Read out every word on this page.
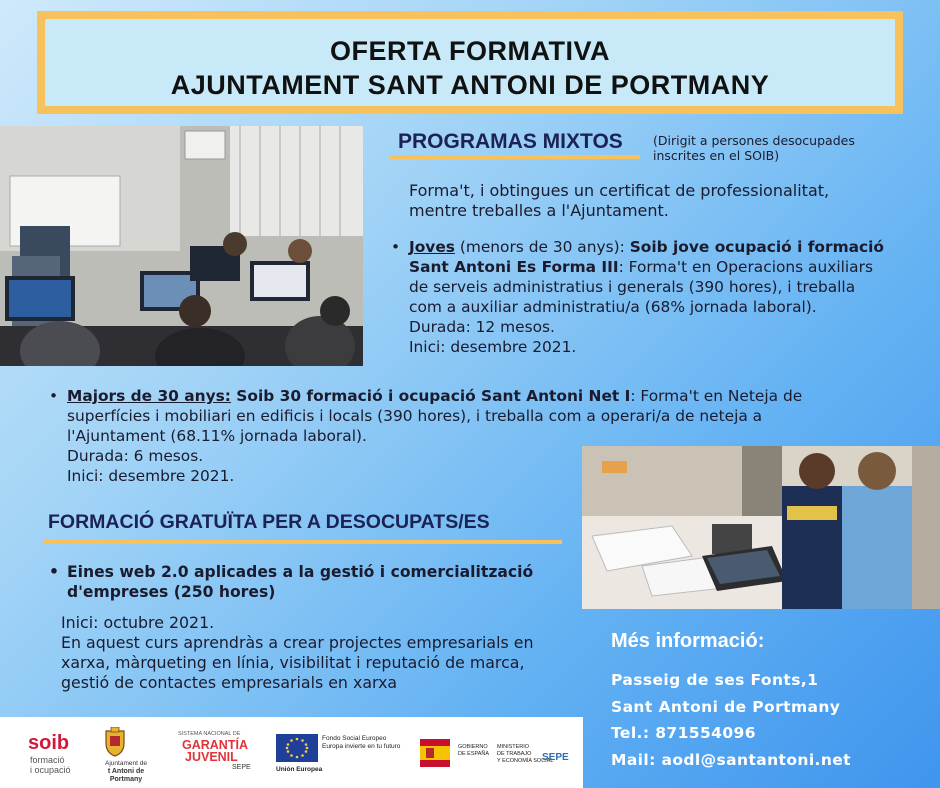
OFERTA FORMATIVA
AJUNTAMENT SANT ANTONI DE PORTMANY
PROGRAMAS MIXTOS (Dirigit a persones desocupades
inscrites en el SOIB)
Forma't, i obtingues un certificat de professionalitat,
mentre treballes a l'Ajuntament.
• Joves (menors de 30 anys): Soib jove ocupació i formació
Sant Antoni Es Forma III: Forma't en Operacions auxiliars
de serveis administratius i generals (390 hores), i treballa
com a auxiliar administratiu/a (68% jornada laboral).
Durada: 12 mesos.
Inici: desembre 2021.
• Majors de 30 anys: Soib 30 formació i ocupació Sant Antoni Net I: Forma't en Neteja de
superfícies i mobiliari en edificis i locals (390 hores), i treballa com a operari/a de neteja a
l'Ajuntament (68.11% jornada laboral).
Durada: 6 mesos.
Inici: desembre 2021.
FORMACIÓ GRATUÏTA PER A DESOCUPATS/ES
• Eines web 2.0 aplicades a la gestió i comercialització
d'empreses (250 hores)
Inici: octubre 2021.
En aquest curs aprendràs a crear projectes empresarials en
xarxa, màrqueting en línia, visibilitat i reputació de marca,
gestió de contactes empresarials en xarxa
Més informació:
Passeig de ses Fonts,1
Sant Antoni de Portmany
Tel.: 871554096
Mail: aodl@santantoni.net
soib
formació
i ocupació
Ajuntament de
t Antoni de Portmany
SISTEMA NACIONAL DE
GARANTÍA
JUVENIL
SEPE
Fondo Social Europeo
Europa invierte en tu futuro
Unión Europea
GOBIERNO
DE ESPAÑA
MINISTERIO
DE TRABAJO
Y ECONOMÍA SOCIAL
SEPE
